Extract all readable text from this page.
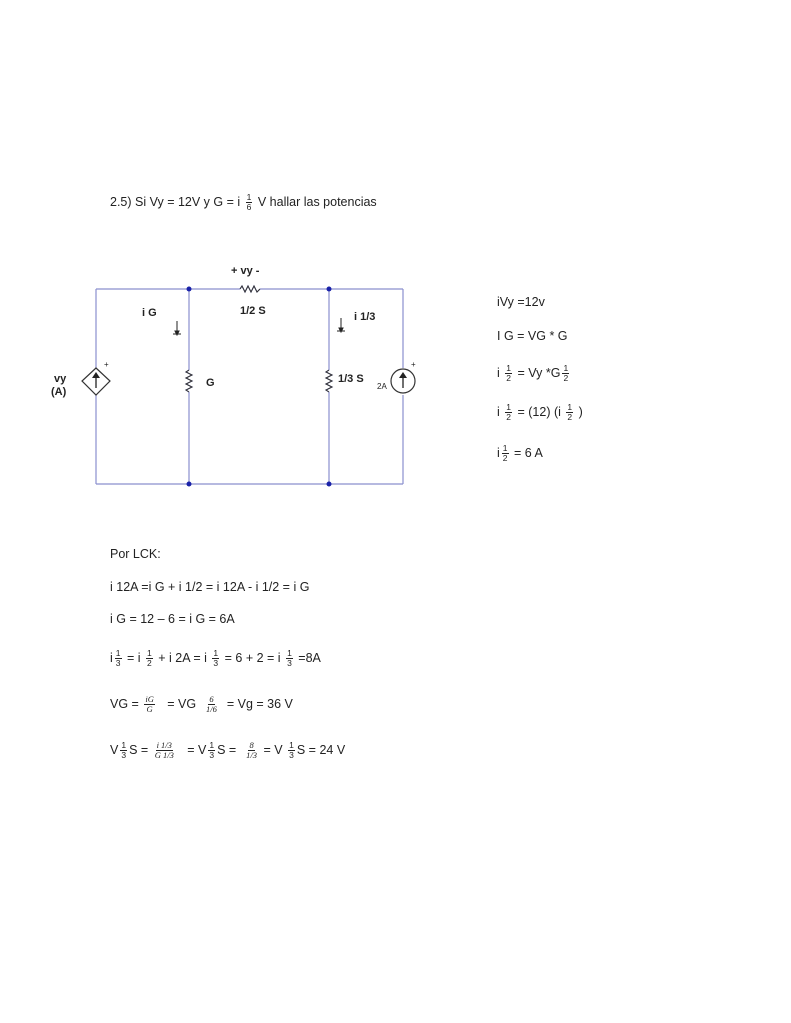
2.5) Si Vy = 12V y G = i $\frac{1}{6}$ V hallar las potencias
+ vy -
1/2 S
i G	i 1/3
G	1/3 S
2A
vy
(A)
+	+
iVy =12v
I G = VG * G
i $\frac{1}{2} = Vy$ $*G \frac{1}{2}$
i $\frac{1}{2} = (12)$ ($i \frac{1}{2}$ )
i $\frac{1}{2} = 6$ A
Por LCK:
i 12A =i G + i 1/2 = i 12A - i 1/2 = i G
i G = 12 – 6 = i G = 6A
i $\frac{1}{3} = i \frac{1}{2} + i$ 2A = i $\frac{1}{3} = 6 + 2 = i \frac{1}{3} =8A$
VG = $\frac{iG}{G}$ = VG $\frac{6}{1/6} = Vg = 36$ V
V $\frac{1}{3}$ $S = \frac{i 1/3}{G 1/3} = V \frac{1}{3}$ $S = \frac{8}{1/3} = V \frac{1}{3}$ S = 24 V
